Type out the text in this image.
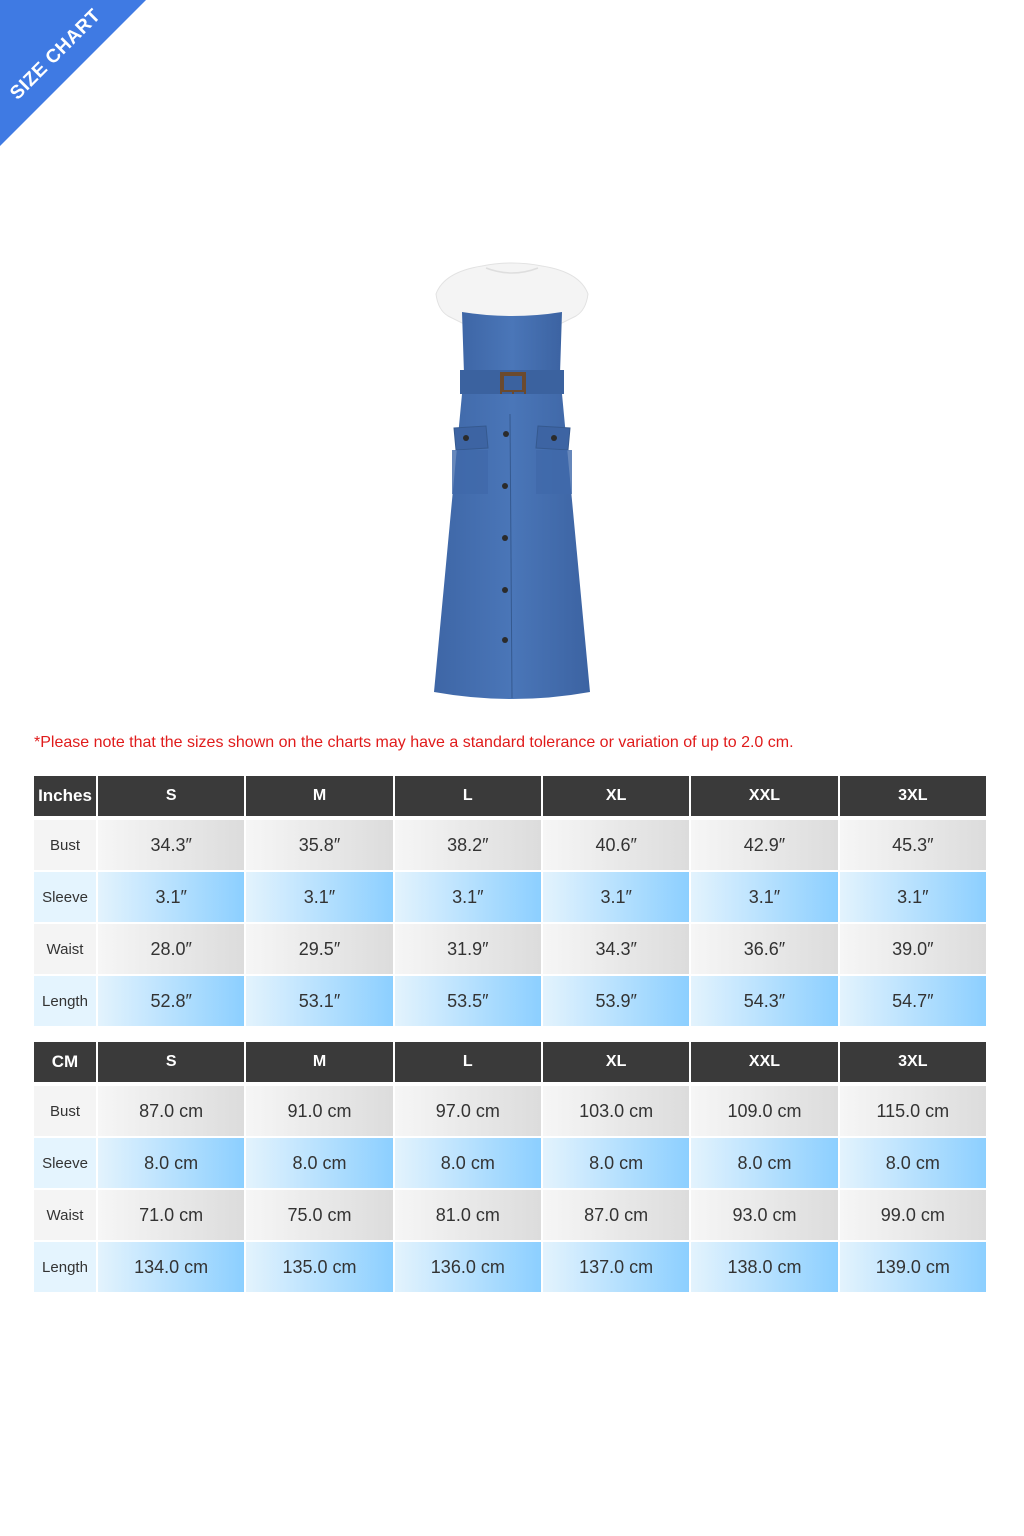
SIZE CHART
*Please note that the sizes shown on the charts may have a standard tolerance or variation of up to 2.0 cm.
Inches	S	M	L	XL	XXL	3XL
Bust	34.3″	35.8″	38.2″	40.6″	42.9″	45.3″
Sleeve	3.1″	3.1″	3.1″	3.1″	3.1″	3.1″
Waist	28.0″	29.5″	31.9″	34.3″	36.6″	39.0″
Length	52.8″	53.1″	53.5″	53.9″	54.3″	54.7″
CM	S	M	L	XL	XXL	3XL
Bust	87.0 cm	91.0 cm	97.0 cm	103.0 cm	109.0 cm	115.0 cm
Sleeve	8.0 cm	8.0 cm	8.0 cm	8.0 cm	8.0 cm	8.0 cm
Waist	71.0 cm	75.0 cm	81.0 cm	87.0 cm	93.0 cm	99.0 cm
Length	134.0 cm	135.0 cm	136.0 cm	137.0 cm	138.0 cm	139.0 cm
